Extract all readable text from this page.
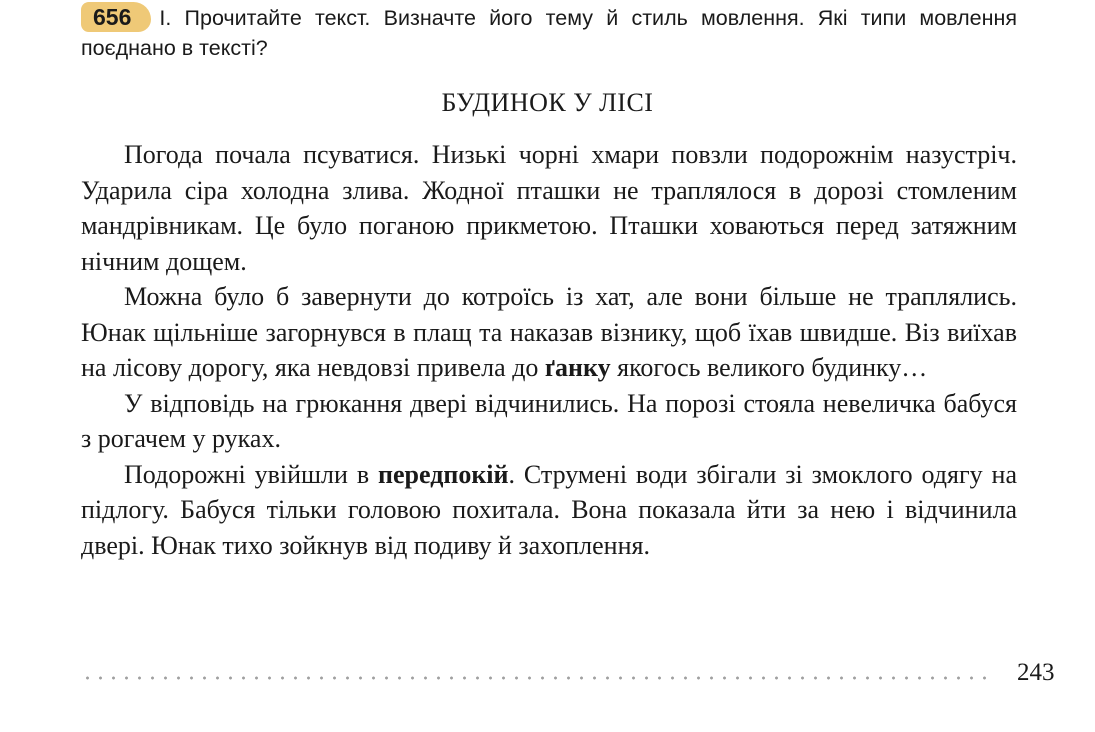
656 І. Прочитайте текст. Визначте його тему й стиль мовлення. Які типи мовлення поєднано в тексті?
БУДИНОК У ЛІСІ

Погода почала псуватися. Низькі чорні хмари повзли подорожнім назустріч. Ударила сіра холодна злива. Жодної пташки не траплялося в дорозі стомленим мандрівникам. Це було поганою прикметою. Пташки ховаються перед затяжним нічним дощем.

Можна було б завернути до котроїсь із хат, але вони більше не траплялись. Юнак щільніше загорнувся в плащ та наказав візнику, щоб їхав швидше. Віз виїхав на лісову дорогу, яка невдовзі привела до ґанку якогось великого будинку…

У відповідь на грюкання двері відчинились. На порозі стояла невеличка бабуся з рогачем у руках.

Подорожні увійшли в передпокій. Струмені води збігали зі змоклого одягу на підлогу. Бабуся тільки головою похитала. Вона показала йти за нею і відчинила двері. Юнак тихо зойкнув від подиву й захоплення.

243
